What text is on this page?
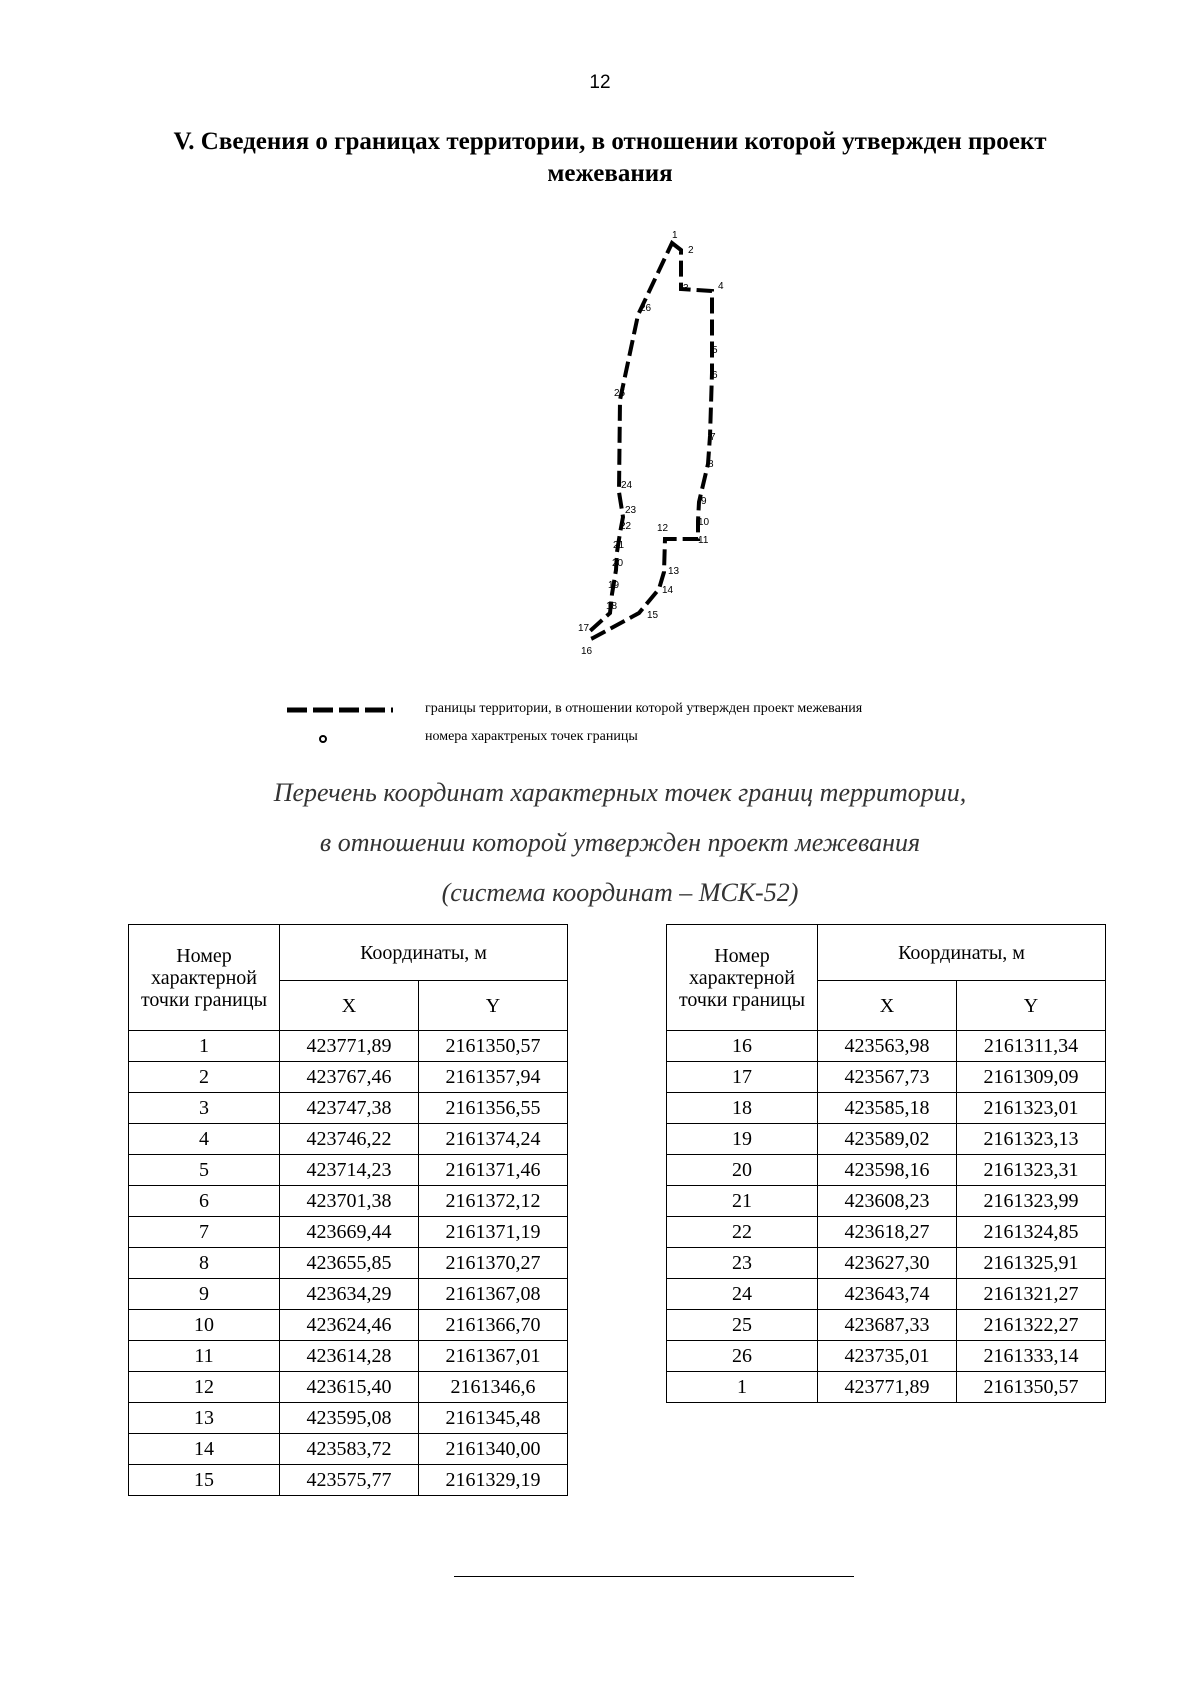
12
V. Сведения о границах территории, в отношении которой утвержден проект межевания
1
2
3	4
5
6
7
8
9
10
11
12
13
14
15
16
17
18
19
20
21
22
23
24
25
26
границы территории, в отношении которой утвержден проект межевания
номера характреных точек границы
Перечень координат характерных точек границ территории,
в отношении которой утвержден проект межевания
(система координат – МСК-52)
Номер характерной точки границы	Координаты, м	
	X	Y
1	423771,89	2161350,57
2	423767,46	2161357,94
3	423747,38	2161356,55
4	423746,22	2161374,24
5	423714,23	2161371,46
6	423701,38	2161372,12
7	423669,44	2161371,19
8	423655,85	2161370,27
9	423634,29	2161367,08
10	423624,46	2161366,70
11	423614,28	2161367,01
12	423615,40	2161346,6
13	423595,08	2161345,48
14	423583,72	2161340,00
15	423575,77	2161329,19
Номер характерной точки границы	Координаты, м	
	X	Y
16	423563,98	2161311,34
17	423567,73	2161309,09
18	423585,18	2161323,01
19	423589,02	2161323,13
20	423598,16	2161323,31
21	423608,23	2161323,99
22	423618,27	2161324,85
23	423627,30	2161325,91
24	423643,74	2161321,27
25	423687,33	2161322,27
26	423735,01	2161333,14
1	423771,89	2161350,57
